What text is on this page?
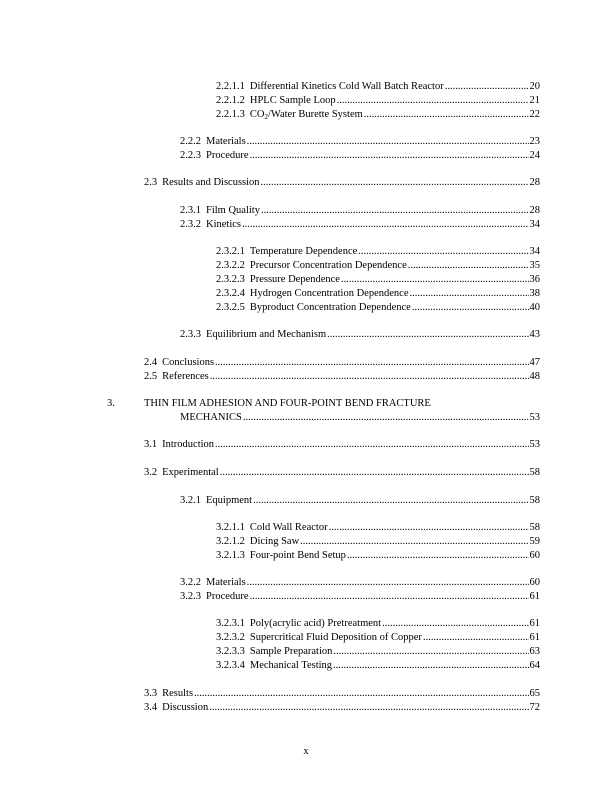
2.2.1.1 Differential Kinetics Cold Wall Batch Reactor .....	20
2.2.1.2 HPLC Sample Loop .....	21
2.2.1.3 $CO_2$/Water Burette System .....	22
2.2.2 Materials .....	23
2.2.3 Procedure .....	24
2.3 Results and Discussion .....	28
2.3.1 Film Quality .....	28
2.3.2 Kinetics .....	34
2.3.2.1 Temperature Dependence .....	34
2.3.2.2 Precursor Concentration Dependence .....	35
2.3.2.3 Pressure Dependence .....	36
2.3.2.4 Hydrogen Concentration Dependence .....	38
2.3.2.5 Byproduct Concentration Dependence .....	40
2.3.3 Equilibrium and Mechanism .....	43
2.4 Conclusions .....	47
2.5 References .....	48
3.	THIN FILM ADHESION AND FOUR-POINT BEND FRACTURE
MECHANICS .....	53
3.1 Introduction .....	53
3.2 Experimental .....	58
3.2.1 Equipment .....	58
3.2.1.1 Cold Wall Reactor .....	58
3.2.1.2 Dicing Saw .....	59
3.2.1.3 Four-point Bend Setup .....	60
3.2.2 Materials .....	60
3.2.3 Procedure .....	61
3.2.3.1 Poly(acrylic acid) Pretreatment .....	61
3.2.3.2 Supercritical Fluid Deposition of Copper .....	61
3.2.3.3 Sample Preparation .....	63
3.2.3.4 Mechanical Testing .....	64
3.3 Results .....	65
3.4 Discussion .....	72
x
